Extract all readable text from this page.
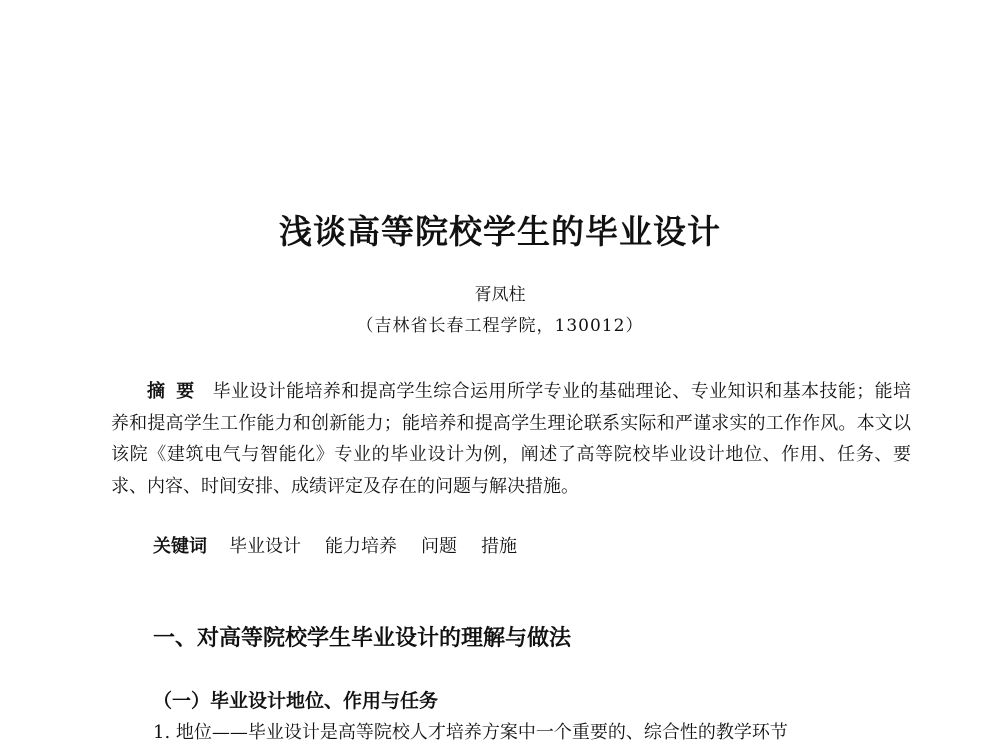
浅谈高等院校学生的毕业设计

胥凤柱

（吉林省长春工程学院，130012）

摘要 毕业设计能培养和提高学生综合运用所学专业的基础理论、专业知识和基本技能；能培养和提高学生工作能力和创新能力；能培养和提高学生理论联系实际和严谨求实的工作作风。本文以该院《建筑电气与智能化》专业的毕业设计为例，阐述了高等院校毕业设计地位、作用、任务、要求、内容、时间安排、成绩评定及存在的问题与解决措施。

关键词 毕业设计 能力培养 问题 措施

一、对高等院校学生毕业设计的理解与做法
（一）毕业设计地位、作用与任务

1. 地位——毕业设计是高等院校人才培养方案中一个重要的、综合性的教学环节
